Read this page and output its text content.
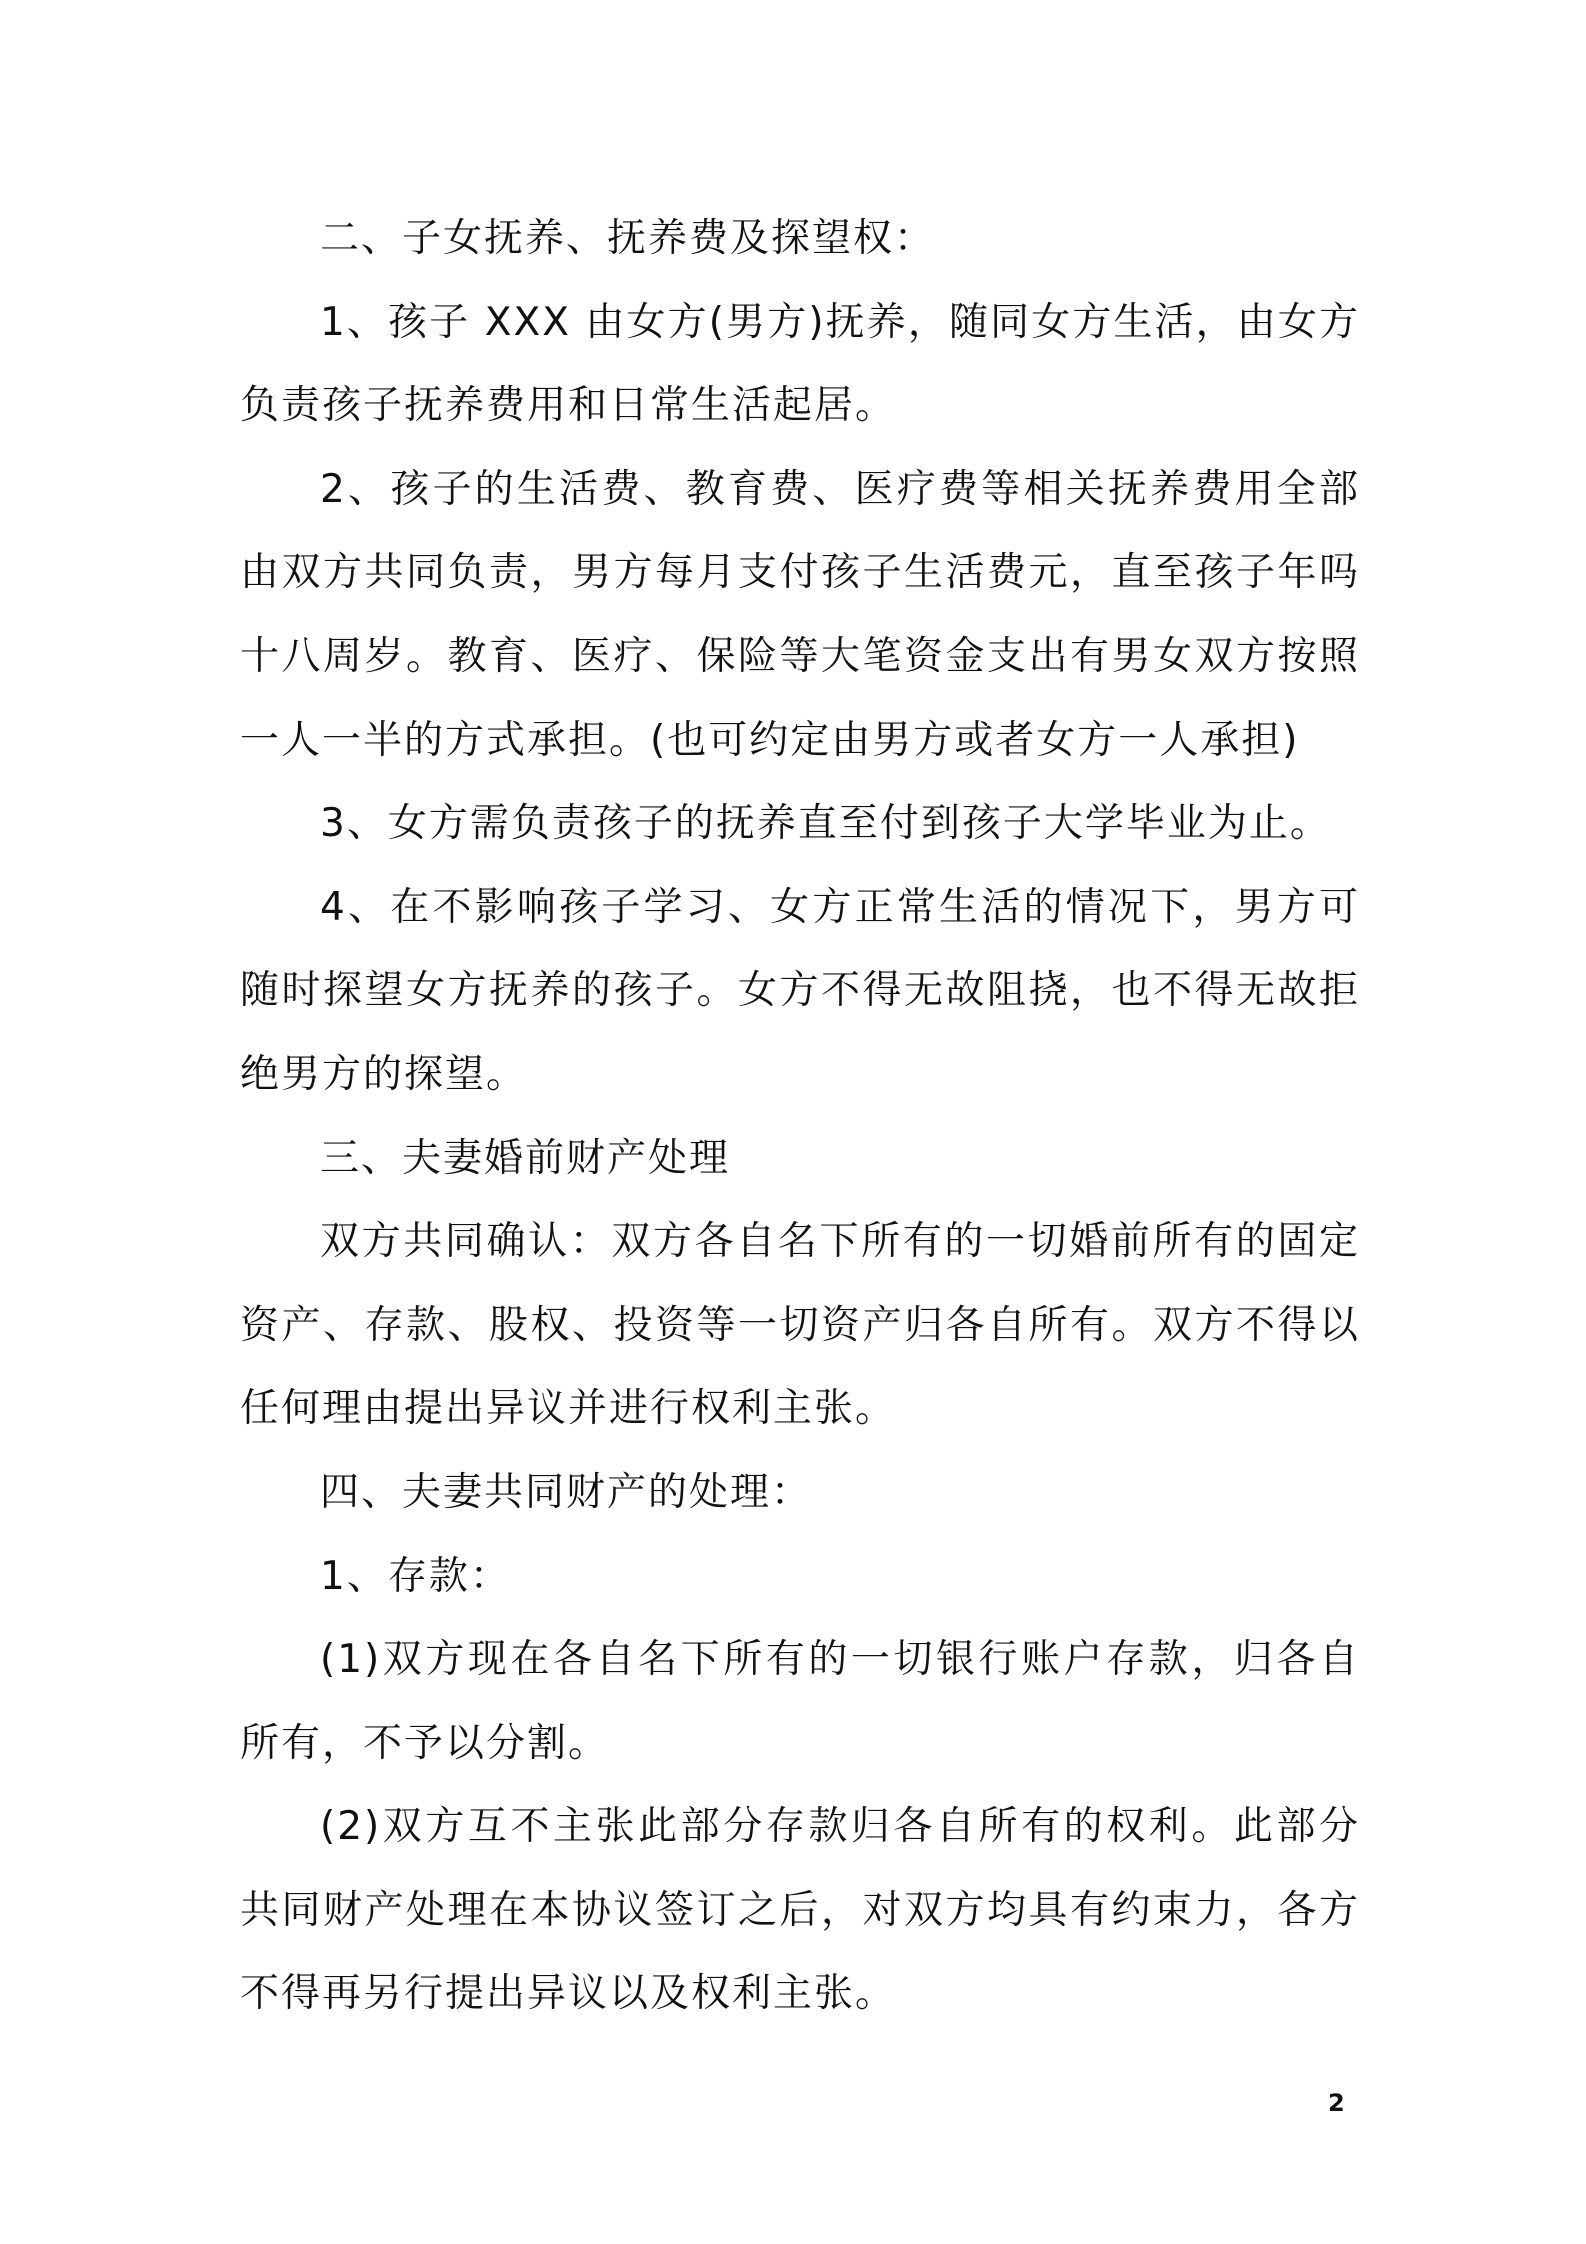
二、子女抚养、抚养费及探望权：

1、孩子 XXX 由女方(男方)抚养，随同女方生活，由女方负责孩子抚养费用和日常生活起居。

2、孩子的生活费、教育费、医疗费等相关抚养费用全部由双方共同负责，男方每月支付孩子生活费元，直至孩子年吗十八周岁。教育、医疗、保险等大笔资金支出有男女双方按照一人一半的方式承担。(也可约定由男方或者女方一人承担)

3、女方需负责孩子的抚养直至付到孩子大学毕业为止。

4、在不影响孩子学习、女方正常生活的情况下，男方可随时探望女方抚养的孩子。女方不得无故阻挠，也不得无故拒绝男方的探望。

三、夫妻婚前财产处理

双方共同确认：双方各自名下所有的一切婚前所有的固定资产、存款、股权、投资等一切资产归各自所有。双方不得以任何理由提出异议并进行权利主张。

四、夫妻共同财产的处理：

1、存款：

(1)双方现在各自名下所有的一切银行账户存款，归各自所有，不予以分割。

(2)双方互不主张此部分存款归各自所有的权利。此部分共同财产处理在本协议签订之后，对双方均具有约束力，各方不得再另行提出异议以及权利主张。

2
